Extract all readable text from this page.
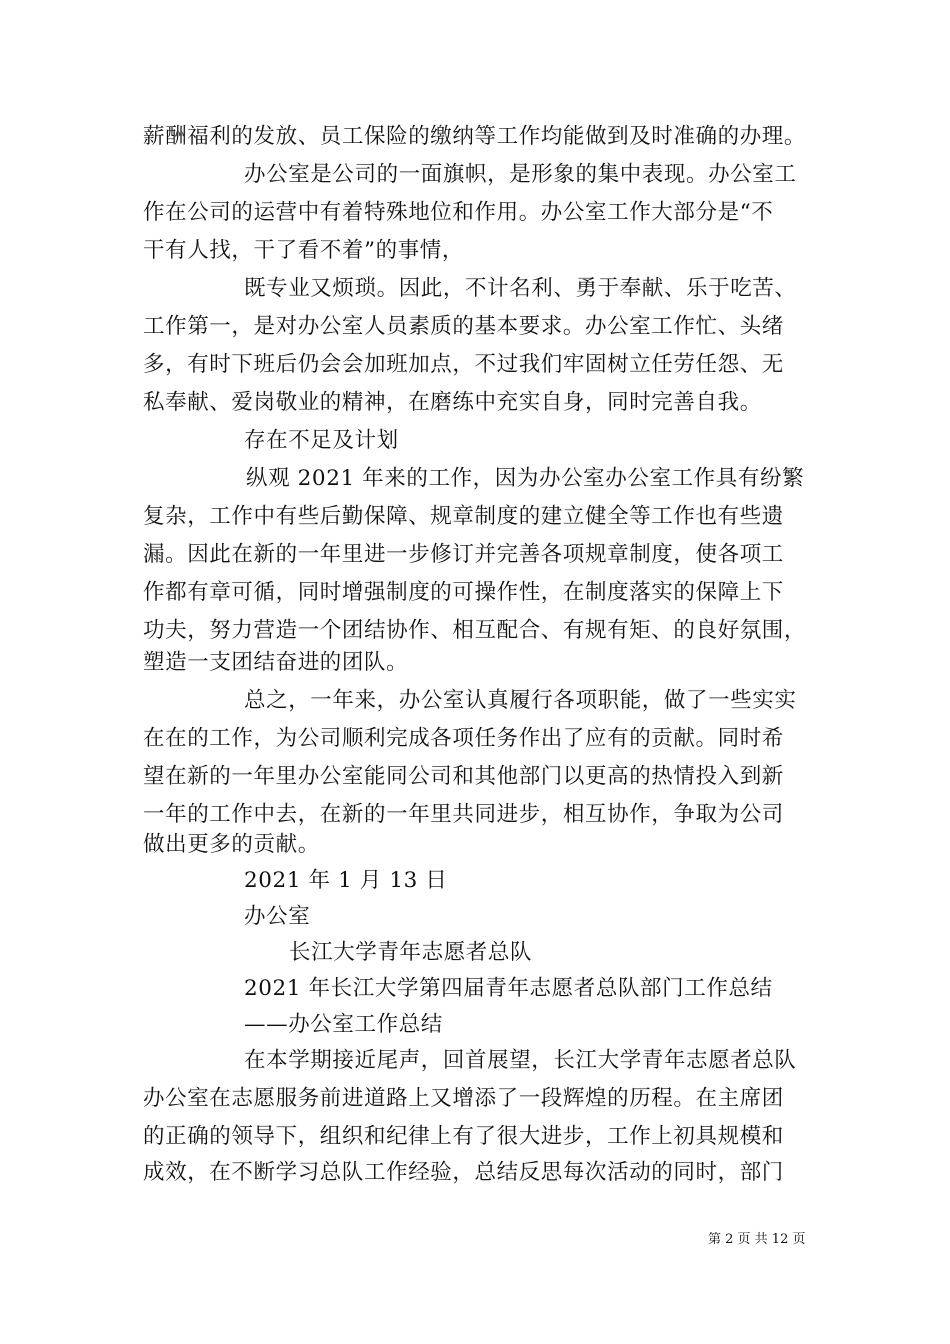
薪酬福利的发放、员工保险的缴纳等工作均能做到及时准确的办理。
办公室是公司的一面旗帜，是形象的集中表现。办公室工
作在公司的运营中有着特殊地位和作用。办公室工作大部分是“不
干有人找，干了看不着”的事情，
既专业又烦琐。因此，不计名利、勇于奉献、乐于吃苦、
工作第一，是对办公室人员素质的基本要求。办公室工作忙、头绪
多，有时下班后仍会会加班加点，不过我们牢固树立任劳任怨、无
私奉献、爱岗敬业的精神，在磨练中充实自身，同时完善自我。
存在不足及计划
纵观 2021 年来的工作，因为办公室办公室工作具有纷繁
复杂，工作中有些后勤保障、规章制度的建立健全等工作也有些遗
漏。因此在新的一年里进一步修订并完善各项规章制度，使各项工
作都有章可循，同时增强制度的可操作性，在制度落实的保障上下
功夫，努力营造一个团结协作、相互配合、有规有矩、的良好氛围，
塑造一支团结奋进的团队。
总之，一年来，办公室认真履行各项职能，做了一些实实
在在的工作，为公司顺利完成各项任务作出了应有的贡献。同时希
望在新的一年里办公室能同公司和其他部门以更高的热情投入到新
一年的工作中去，在新的一年里共同进步，相互协作，争取为公司
做出更多的贡献。
2021 年 1 月 13 日
办公室
长江大学青年志愿者总队
2021 年长江大学第四届青年志愿者总队部门工作总结
——办公室工作总结
在本学期接近尾声，回首展望，长江大学青年志愿者总队
办公室在志愿服务前进道路上又增添了一段辉煌的历程。在主席团
的正确的领导下，组织和纪律上有了很大进步，工作上初具规模和
成效，在不断学习总队工作经验，总结反思每次活动的同时，部门
第 2 页 共 12 页
